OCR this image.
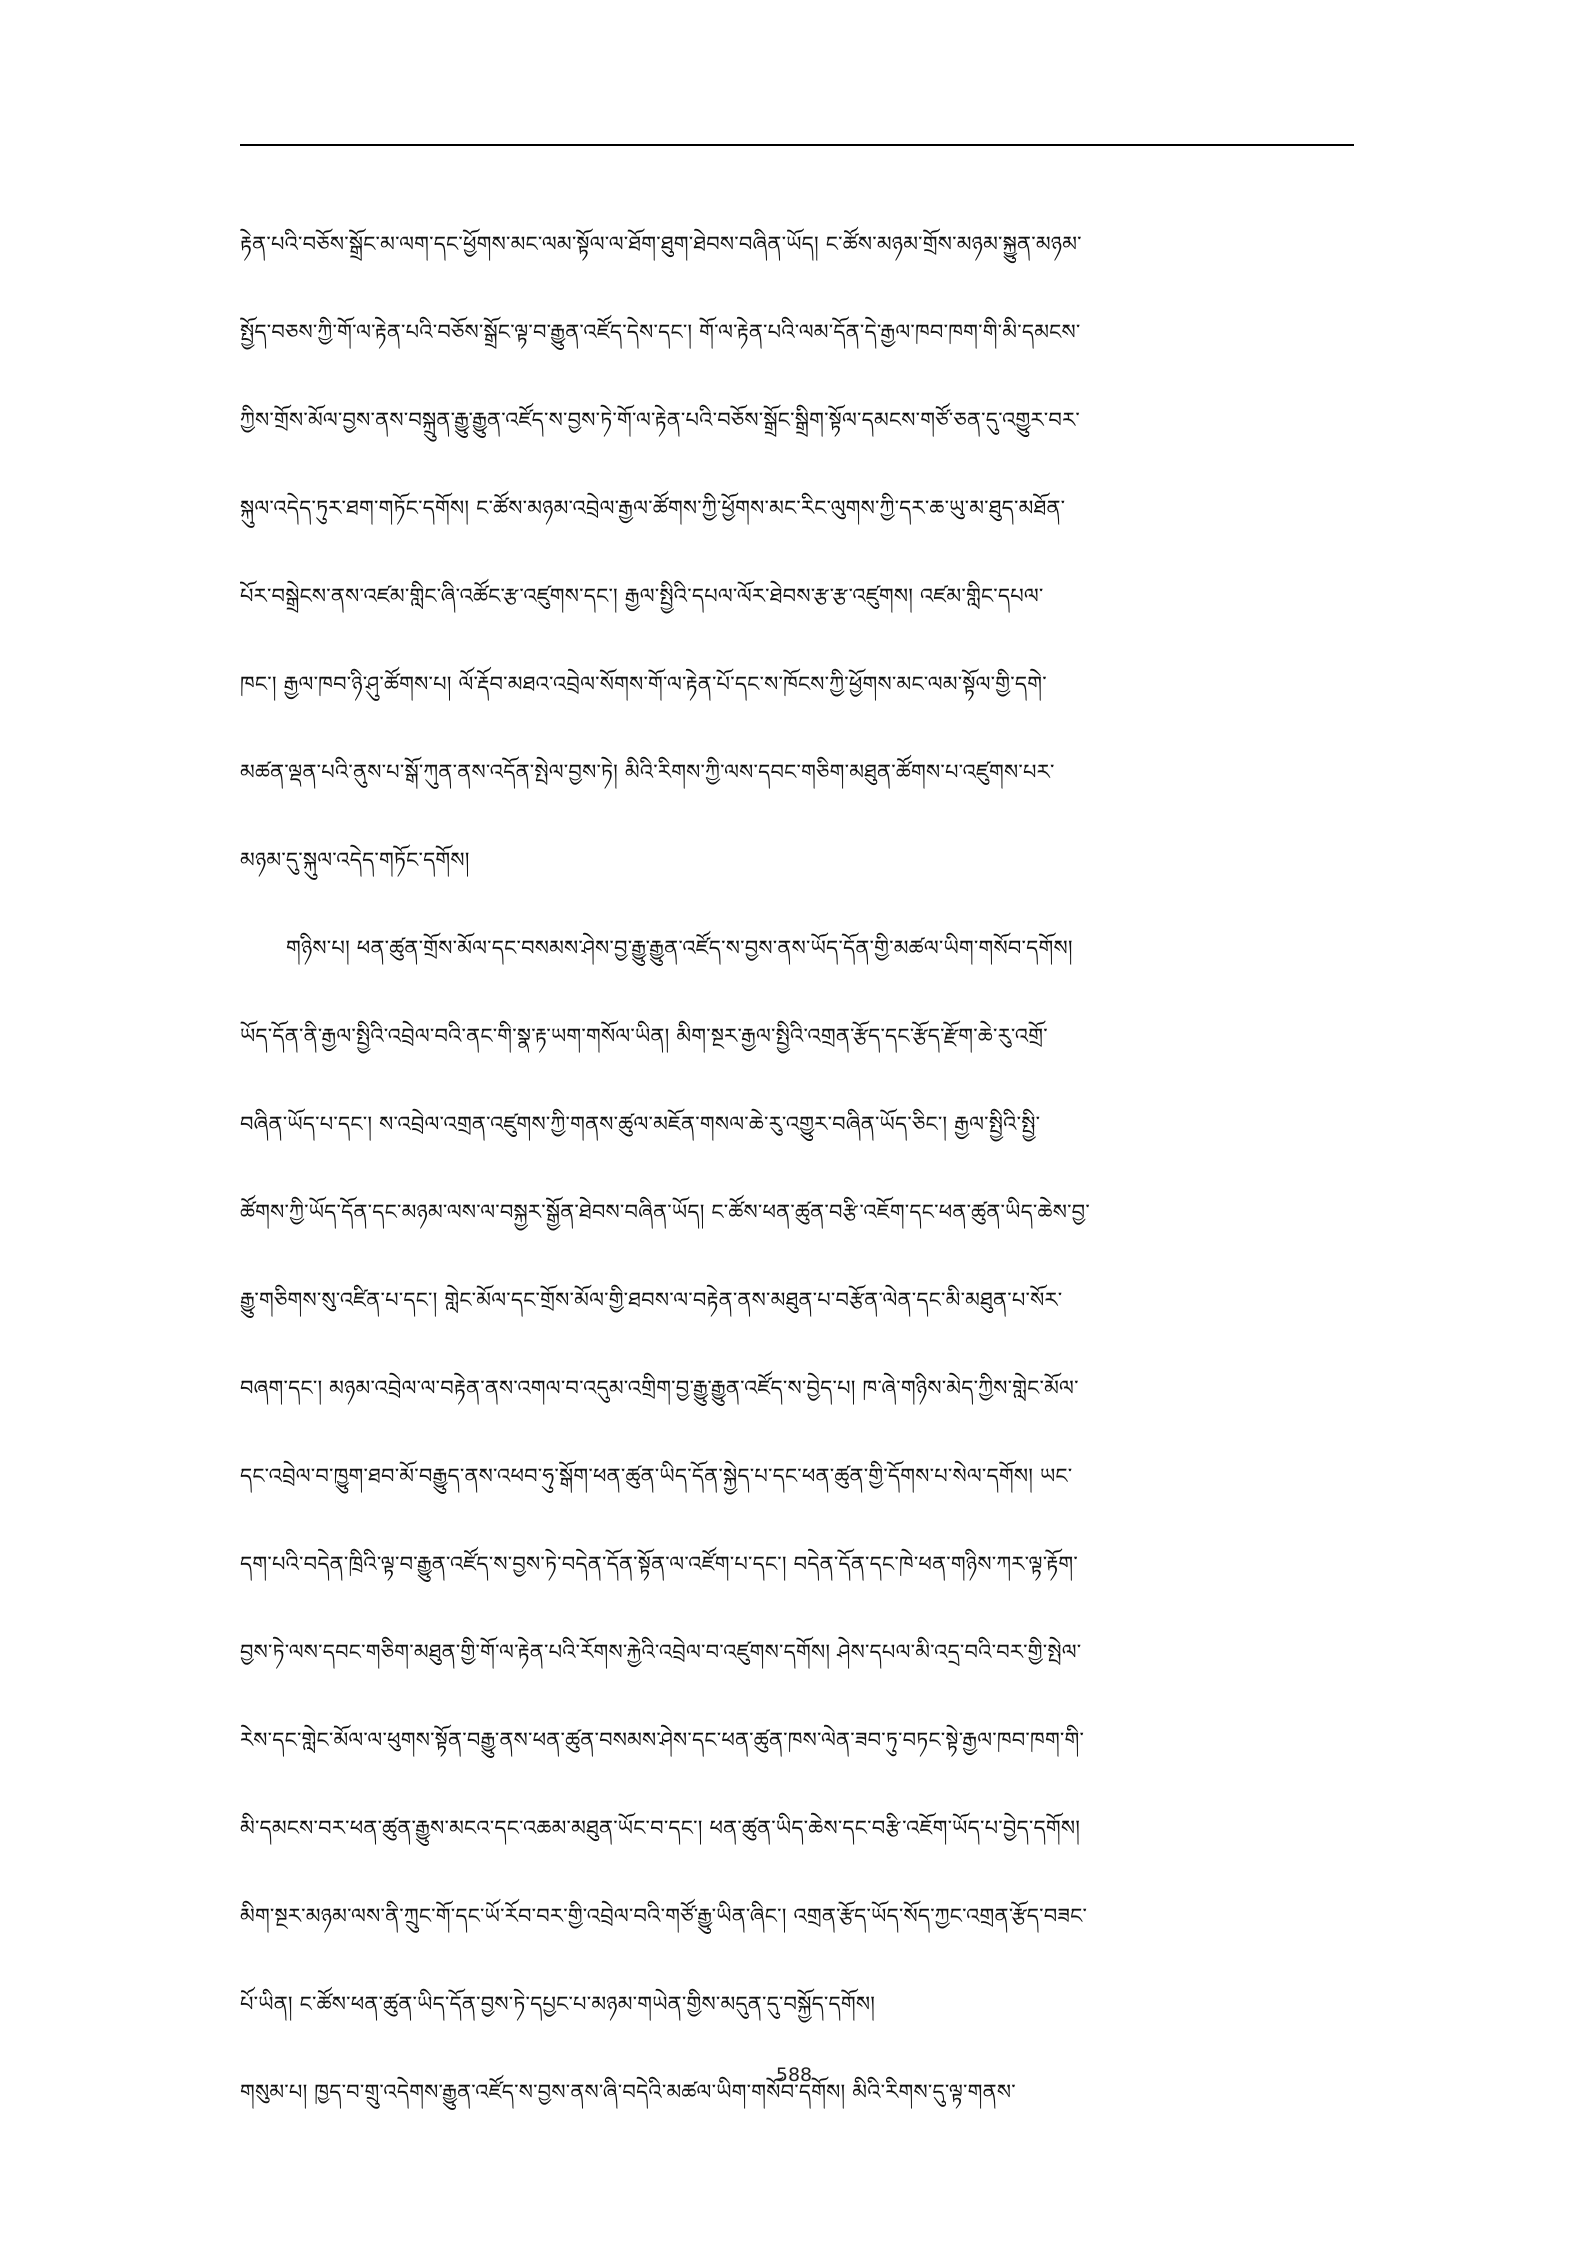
རྟེན་པའི་བཅོས་སྒྲོང་མ་ལག་དང་ཕྱོགས་མང་ལམ་སྟོལ་ལ་ཐོག་ཐུག་ཐེབས་བཞིན་ཡོད། ང་ཚོས་མཉམ་གྲོས་མཉམ་སྐྱུན་མཉམ་
སྤྱོད་བཅས་ཀྱི་གོ་ལ་རྟེན་པའི་བཅོས་སྒྲོང་ལྟ་བ་རྒྱུན་འཛོད་དེས་དང་། གོ་ལ་རྟེན་པའི་ལམ་དོན་དེ་རྒྱལ་ཁབ་ཁག་གི་མི་དམངས་
ཀྱིས་གྲོས་མོལ་བྱས་ནས་བསྐྲུན་རྒྱུ་རྒྱུན་འཛོད་ས་བྱས་ཏེ་གོ་ལ་རྟེན་པའི་བཅོས་སྒྲོང་སྒྲིག་སྟོལ་དམངས་གཙོ་ཅན་དུ་འགྱུར་བར་
སྐུལ་འདེད་ཏུར་ཐག་གཏོང་དགོས། ང་ཚོས་མཉམ་འབྲེལ་རྒྱལ་ཚོགས་ཀྱི་ཕྱོགས་མང་རིང་ལུགས་ཀྱི་དར་ཆ་ཡུ་མ་ཐུད་མཐོན་
པོར་བསྒྲེངས་ནས་འཛམ་གླིང་ཞི་འཚོང་རྩ་འཛུགས་དང་། རྒྱལ་སྤྱིའི་དཔལ་ལོར་ཐེབས་རྩ་རྩ་འཛུགས། འཛམ་གླིང་དཔལ་
ཁང་། རྒྱལ་ཁབ་ཉི་ཤུ་ཚོགས་པ། ལོ་རྡོབ་མཐའ་འབྲེལ་སོགས་གོ་ལ་རྟེན་པོ་དང་ས་ཁོངས་ཀྱི་ཕྱོགས་མང་ལམ་སྟོལ་གྱི་དགེ་
མཚན་ལྡན་པའི་ནུས་པ་སྒོ་ཀུན་ནས་འདོན་སྤེལ་བྱས་ཏེ། མིའི་རིགས་ཀྱི་ལས་དབང་གཅིག་མཐུན་ཚོགས་པ་འཛུགས་པར་
མཉམ་དུ་སྐུལ་འདེད་གཏོང་དགོས།
གཉིས་པ། ཕན་ཚུན་གྲོས་མོལ་དང་བསམས་ཤེས་བྱ་རྒྱུ་རྒྱུན་འཛོད་ས་བྱས་ནས་ཡོད་དོན་གྱི་མཚལ་ཡིག་གསོབ་དགོས།
ཡོད་དོན་ནི་རྒྱལ་སྤྱིའི་འབྲེལ་བའི་ནང་གི་སྣ་རྟ་ཡག་གསོལ་ཡིན། མིག་སྔར་རྒྱལ་སྤྱིའི་འགྲན་རྩོད་དང་རྩོད་རྫོག་ཆེ་རུ་འགྲོ་
བཞིན་ཡོད་པ་དང་། ས་འབྲེལ་འགྲན་འཛུགས་ཀྱི་གནས་ཚུལ་མཇོན་གསལ་ཆེ་རུ་འགྱུར་བཞིན་ཡོད་ཅིང་། རྒྱལ་སྤྱིའི་སྤྱི་
ཚོགས་ཀྱི་ཡོད་དོན་དང་མཉམ་ལས་ལ་བསྐྱར་སྒྱོན་ཐེབས་བཞིན་ཡོད། ང་ཚོས་ཕན་ཚུན་བརྩི་འཇོག་དང་ཕན་ཚུན་ཡིད་ཆེས་བྱ་
རྒྱུ་གཅིགས་སུ་འཛིན་པ་དང་། གླེང་མོལ་དང་གྲོས་མོལ་གྱི་ཐབས་ལ་བརྟེན་ནས་མཐུན་པ་བརྩོན་ལེན་དང་མི་མཐུན་པ་སོར་
བཞག་དང་། མཉམ་འབྲེལ་ལ་བརྟེན་ནས་འགལ་བ་འདུམ་འགྲིག་བྱ་རྒྱུ་རྒྱུན་འཛོད་ས་བྱེད་པ། ཁ་ཞེ་གཉིས་མེད་ཀྱིས་གླེང་མོལ་
དང་འབྲེལ་བ་ཁྱུག་ཐབ་མོ་བརྒྱུད་ནས་འཕབ་ཧུ་སྒོག་ཕན་ཚུན་ཡིད་དོན་སྐྱེད་པ་དང་ཕན་ཚུན་གྱི་དོགས་པ་སེལ་དགོས། ཡང་
དག་པའི་བདེན་ཁྲིའི་ལྟ་བ་རྒྱུན་འཛོད་ས་བྱས་ཏེ་བདེན་དོན་སྟོན་ལ་འཛོག་པ་དང་། བདེན་དོན་དང་ཁེ་ཕན་གཉིས་ཀར་ལྟ་རྟོག་
བྱས་ཏེ་ལས་དབང་གཅིག་མཐུན་གྱི་གོ་ལ་རྟེན་པའི་རོགས་རྐྱེའི་འབྲེལ་བ་འཛུགས་དགོས། ཤེས་དཔལ་མི་འདྲ་བའི་བར་གྱི་སྤེལ་
རེས་དང་གླེང་མོལ་ལ་ཕུགས་སྟོན་བརྒྱུ་ནས་ཕན་ཚུན་བསམས་ཤེས་དང་ཕན་ཚུན་ཁས་ལེན་ཟབ་ཏུ་བཏང་སྟེ་རྒྱལ་ཁབ་ཁག་གི་
མི་དམངས་བར་ཕན་ཚུན་རྒྱུས་མངའ་དང་འཆམ་མཐུན་ཡོང་བ་དང་། ཕན་ཚུན་ཡིད་ཆེས་དང་བརྩི་འཇོག་ཡོད་པ་བྱེད་དགོས།
མིག་སྔར་མཉམ་ལས་ནི་ཀྲུང་གོ་དང་ཡོ་རོབ་བར་གྱི་འབྲེལ་བའི་གཙོ་རྒྱུ་ཡིན་ཞིང་། འགྲན་རྩོད་ཡོད་སོད་ཀྱང་འགྲན་རྩོད་བཟང་
པོ་ཡིན། ང་ཚོས་ཕན་ཚུན་ཡིད་དོན་བྱས་ཏེ་དཔྱང་པ་མཉམ་གཡེན་གྱིས་མདུན་དུ་བསྐྱོད་དགོས།
གསུམ་པ། ཁྱད་བ་གྲུ་འདེགས་རྒྱུན་འཛོད་ས་བྱས་ནས་ཞི་བདེའི་མཚལ་ཡིག་གསོབ་དགོས། མིའི་རིགས་དུ་ལྟ་གནས་
588
